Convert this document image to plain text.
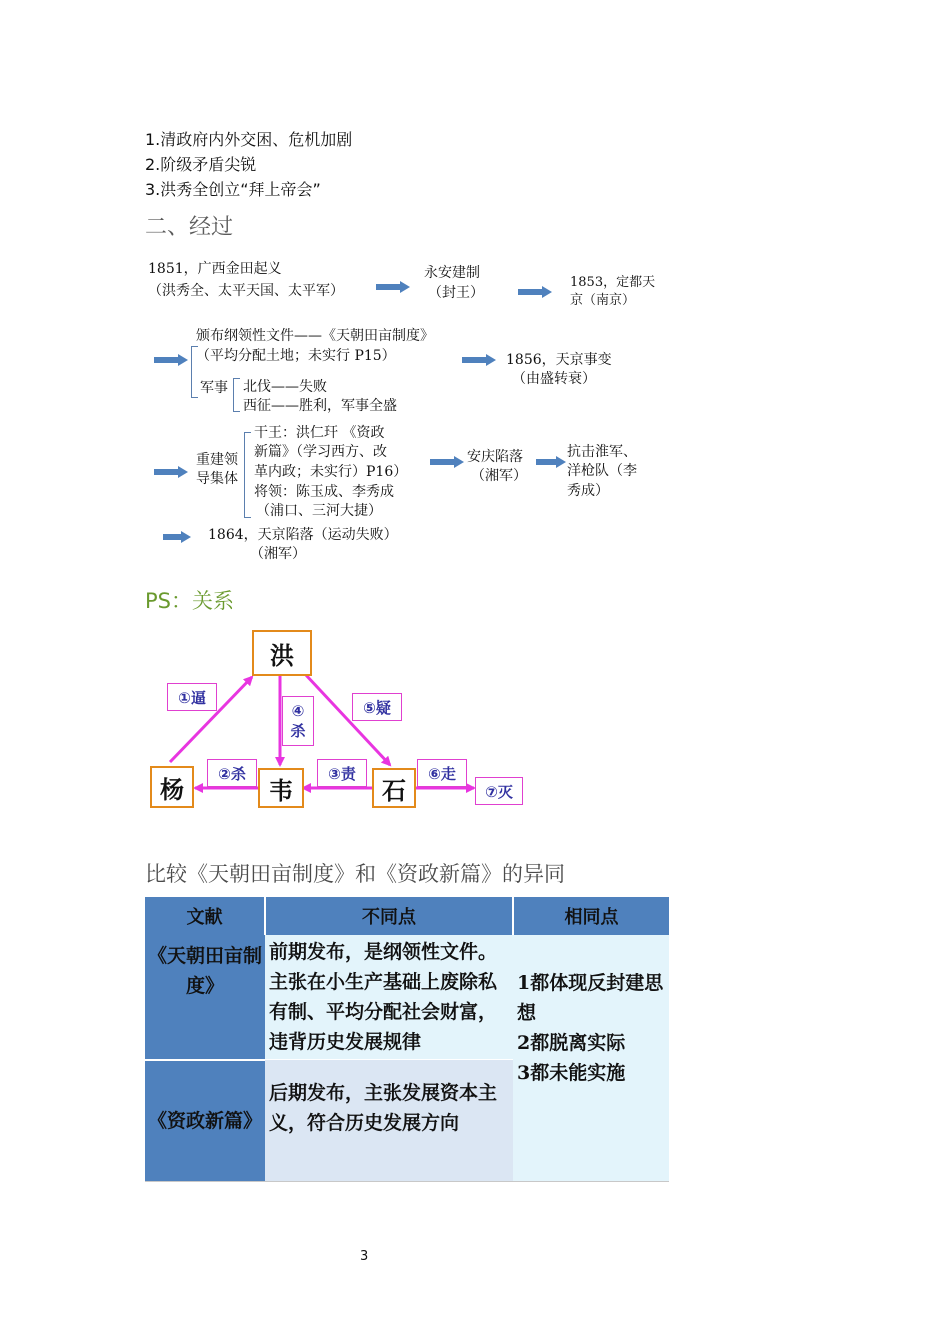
1.清政府内外交困、危机加剧
2.阶级矛盾尖锐
3.洪秀全创立“拜上帝会”
二、经过
1851，广西金田起义
（洪秀全、太平天国、太平军）
永安建制
（封王）
1853，定都天
京（南京）
颁布纲领性文件——《天朝田亩制度》
（平均分配土地；未实行 P15）
军事 北伐——失败
西征——胜利，军事全盛
1856，天京事变
（由盛转衰）
重建领
导集体
干王：洪仁玕 《资政
新篇》（学习西方、改
革内政；未实行）P16）
将领：陈玉成、李秀成
（浦口、三河大捷）
安庆陷落
（湘军）
抗击淮军、
洋枪队（李
秀成）
1864，天京陷落（运动失败）
（湘军）
PS：关系
洪
杨	韦	石
①逼
②杀	③责
④
杀
⑤疑
⑥走
⑦灭
比较《天朝田亩制度》和《资政新篇》的异同
文献	不同点	相同点
《天朝田亩制度》	前期发布，是纲领性文件。主张在小生产基础上废除私有制、平均分配社会财富，违背历史发展规律	1都体现反封建思想
2都脱离实际
3都未能实施

《资政新篇》	后期发布，主张发展资本主义，符合历史发展方向	
3
